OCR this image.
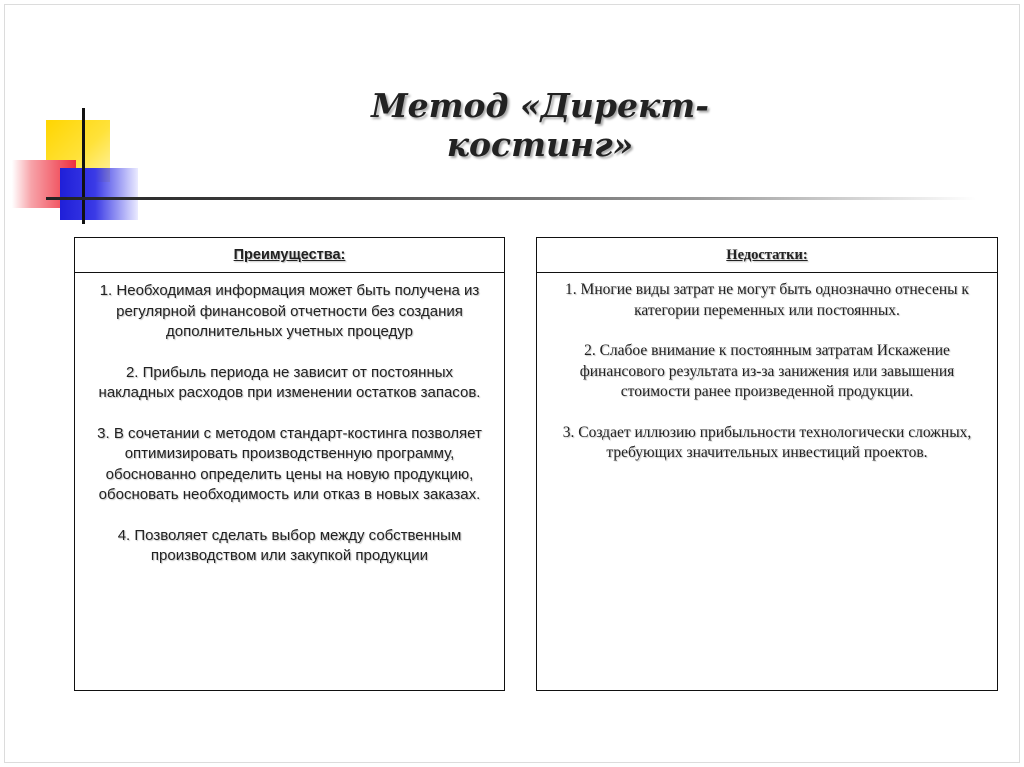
Метод «Директ-костинг»
Преимущества:
1. Необходимая информация может быть получена из регулярной финансовой отчетности без создания дополнительных учетных процедур
2. Прибыль периода не зависит от постоянных накладных расходов при изменении остатков запасов.
3. В сочетании с методом стандарт-костинга позволяет оптимизировать производственную программу, обоснованно определить цены на новую продукцию, обосновать необходимость или отказ в новых заказах.
4. Позволяет сделать выбор между собственным производством или закупкой продукции
Недостатки:
1. Многие виды затрат не могут быть однозначно отнесены к категории переменных или постоянных.
2. Слабое внимание к постоянным затратам Искажение финансового результата из-за занижения или завышения стоимости ранее произведенной продукции.
3. Создает иллюзию прибыльности технологически сложных, требующих значительных инвестиций проектов.
